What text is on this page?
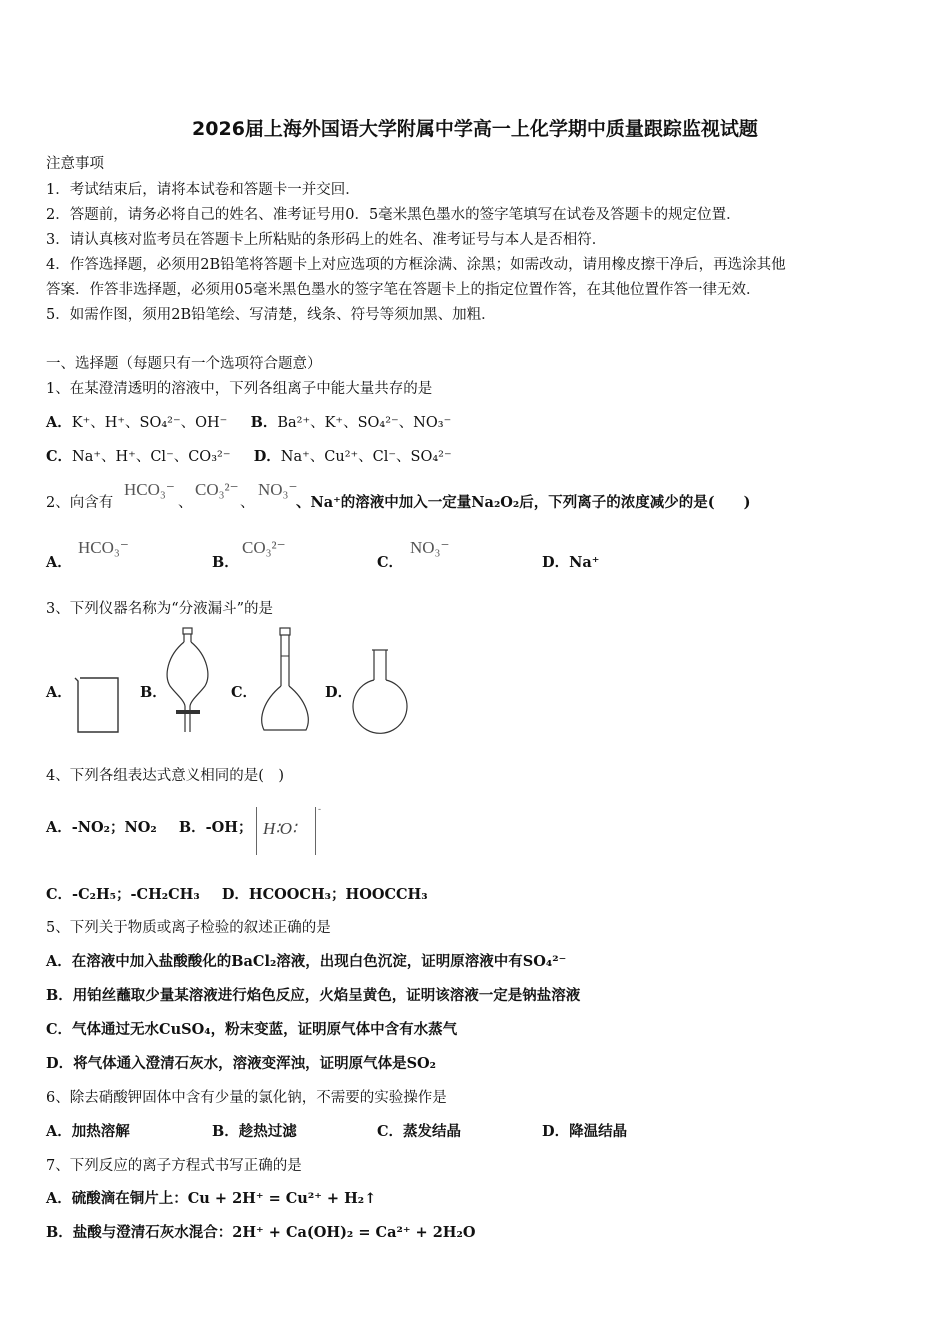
2026届上海外国语大学附属中学高一上化学期中质量跟踪监视试题
注意事项
1．考试结束后，请将本试卷和答题卡一并交回．
2．答题前，请务必将自己的姓名、准考证号用0．5毫米黑色墨水的签字笔填写在试卷及答题卡的规定位置．
3．请认真核对监考员在答题卡上所粘贴的条形码上的姓名、准考证号与本人是否相符．
4．作答选择题，必须用2B铅笔将答题卡上对应选项的方框涂满、涂黑；如需改动，请用橡皮擦干净后，再选涂其他
答案．作答非选择题，必须用05毫米黑色墨水的签字笔在答题卡上的指定位置作答，在其他位置作答一律无效．
5．如需作图，须用2B铅笔绘、写清楚，线条、符号等须加黑、加粗．
一、选择题（每题只有一个选项符合题意）
1、在某澄清透明的溶液中，下列各组离子中能大量共存的是
A．K⁺、H⁺、SO₄²⁻、OH⁻ B．Ba²⁺、K⁺、SO₄²⁻、NO₃⁻
C．Na⁺、H⁺、Cl⁻、CO₃²⁻ D．Na⁺、Cu²⁺、Cl⁻、SO₄²⁻
2、向含有
HCO₃⁻
、
CO₃²⁻
、
NO₃⁻
、Na⁺的溶液中加入一定量Na₂O₂后，下列离子的浓度减少的是(　　)
A．
HCO₃⁻
B．
CO₃²⁻
C．
NO₃⁻
D．Na⁺
3、下列仪器名称为“分液漏斗”的是
A．	B．	C．	D．
4、下列各组表达式意义相同的是(　)
A．-NO₂；NO₂ B．-OH； H∶O∶
-
C．-C₂H₅；-CH₂CH₃ D．HCOOCH₃；HOOCCH₃
5、下列关于物质或离子检验的叙述正确的是
A．在溶液中加入盐酸酸化的BaCl₂溶液，出现白色沉淀，证明原溶液中有SO₄²⁻
B．用铂丝蘸取少量某溶液进行焰色反应，火焰呈黄色，证明该溶液一定是钠盐溶液
C．气体通过无水CuSO₄，粉末变蓝，证明原气体中含有水蒸气
D．将气体通入澄清石灰水，溶液变浑浊，证明原气体是SO₂
6、除去硝酸钾固体中含有少量的氯化钠，不需要的实验操作是
A．加热溶解	B．趁热过滤	C．蒸发结晶	D．降温结晶
7、下列反应的离子方程式书写正确的是
A．硫酸滴在铜片上：Cu + 2H⁺ = Cu²⁺ + H₂↑
B．盐酸与澄清石灰水混合：2H⁺ + Ca(OH)₂ = Ca²⁺ + 2H₂O
